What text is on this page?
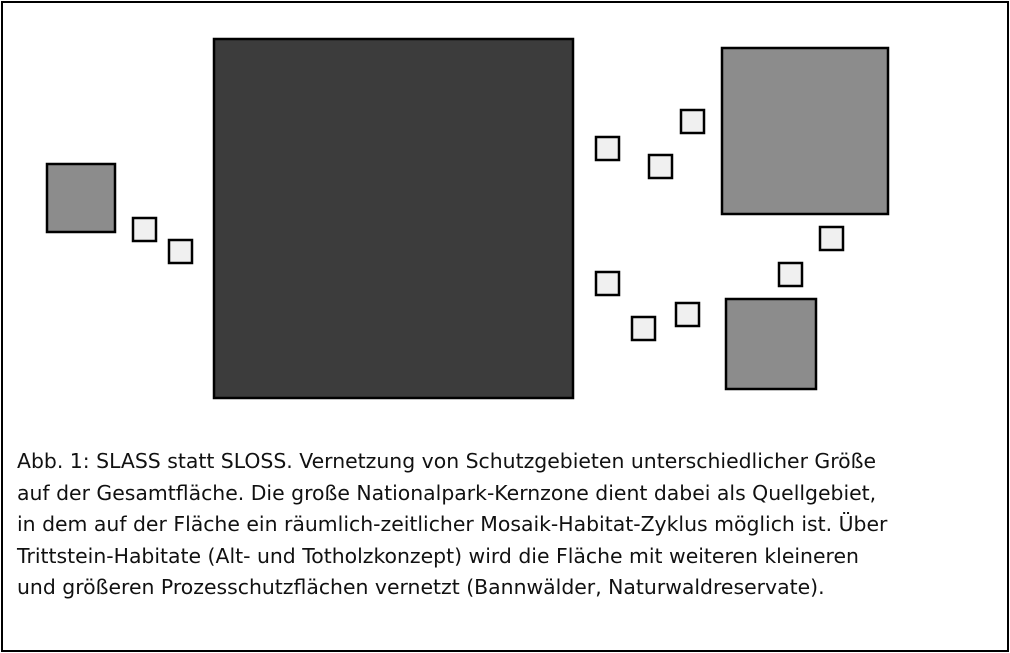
Abb. 1: SLASS statt SLOSS. Vernetzung von Schutzgebieten unterschiedlicher Größe
auf der Gesamtfläche. Die große Nationalpark-Kernzone dient dabei als Quellgebiet,
in dem auf der Fläche ein räumlich-zeitlicher Mosaik-Habitat-Zyklus möglich ist. Über
Trittstein-Habitate (Alt- und Totholzkonzept) wird die Fläche mit weiteren kleineren
und größeren Prozesschutzflächen vernetzt (Bannwälder, Naturwaldreservate).
